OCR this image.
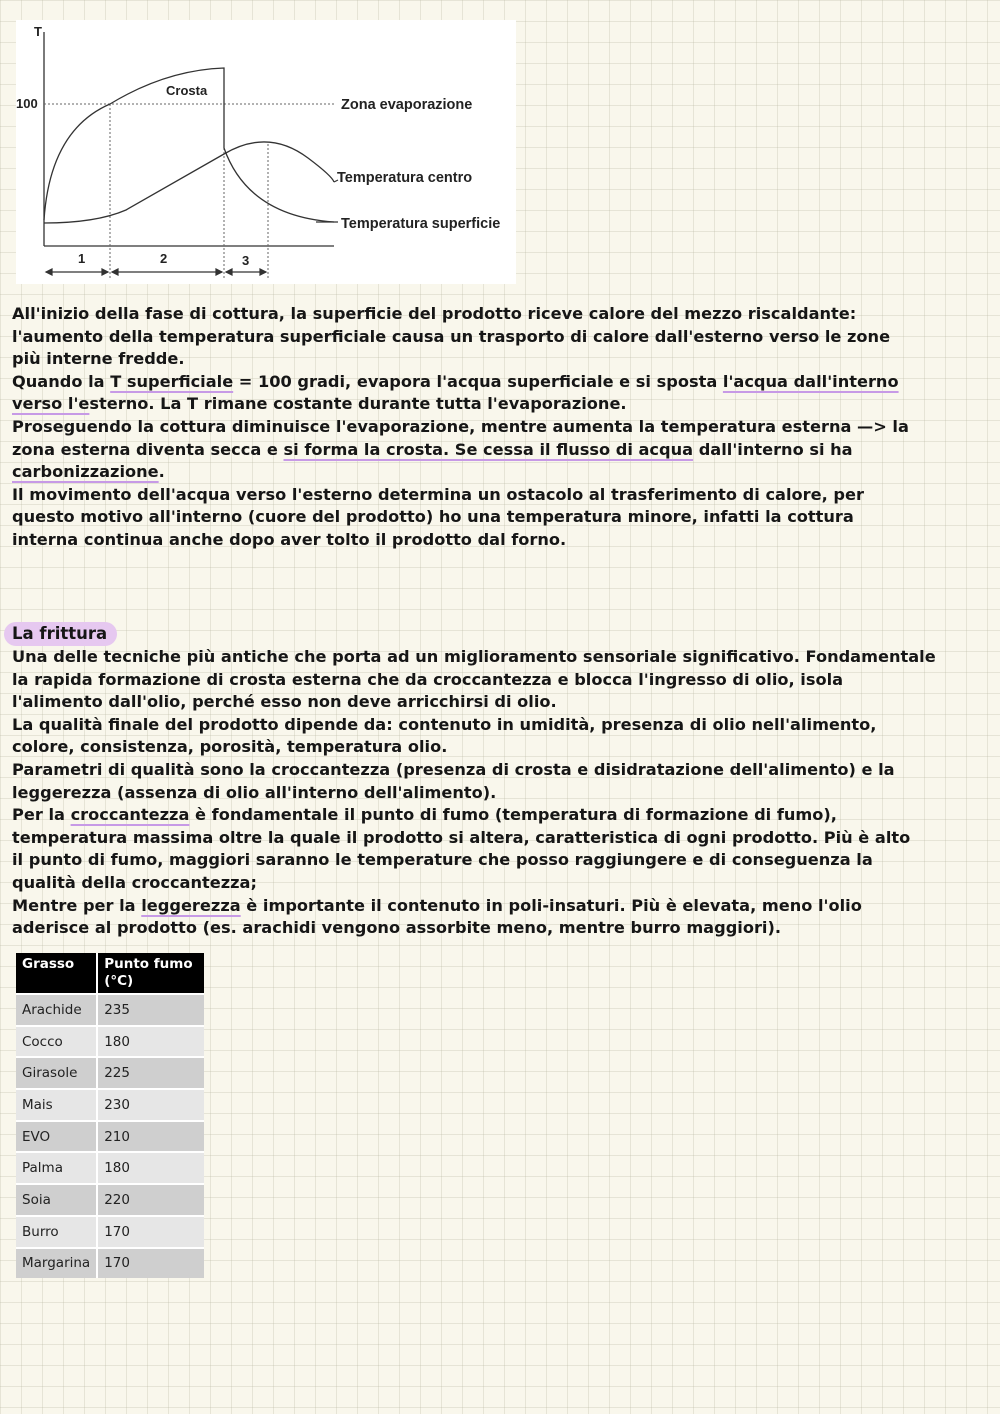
T
100
Crosta
Zona evaporazione
Temperatura centro
Temperatura superficie
1	2	3

All'inizio della fase di cottura, la superficie del prodotto riceve calore del mezzo riscaldante:

l'aumento della temperatura superficiale causa un trasporto di calore dall'esterno verso le zone

più interne fredde.

Quando la T superficiale = 100 gradi, evapora l'acqua superficiale e si sposta l'acqua dall'interno

verso l'esterno. La T rimane costante durante tutta l'evaporazione.

Proseguendo la cottura diminuisce l'evaporazione, mentre aumenta la temperatura esterna —> la

zona esterna diventa secca e si forma la crosta. Se cessa il flusso di acqua dall'interno si ha

carbonizzazione.

Il movimento dell'acqua verso l'esterno determina un ostacolo al trasferimento di calore, per

questo motivo all'interno (cuore del prodotto) ho una temperatura minore, infatti la cottura

interna continua anche dopo aver tolto il prodotto dal forno.

La frittura

Una delle tecniche più antiche che porta ad un miglioramento sensoriale significativo. Fondamentale

la rapida formazione di crosta esterna che da croccantezza e blocca l'ingresso di olio, isola

l'alimento dall'olio, perché esso non deve arricchirsi di olio.

La qualità finale del prodotto dipende da: contenuto in umidità, presenza di olio nell'alimento,

colore, consistenza, porosità, temperatura olio.

Parametri di qualità sono la croccantezza (presenza di crosta e disidratazione dell'alimento) e la

leggerezza (assenza di olio all'interno dell'alimento).

Per la croccantezza è fondamentale il punto di fumo (temperatura di formazione di fumo),

temperatura massima oltre la quale il prodotto si altera, caratteristica di ogni prodotto. Più è alto

il punto di fumo, maggiori saranno le temperature che posso raggiungere e di conseguenza la

qualità della croccantezza;

Mentre per la leggerezza è importante il contenuto in poli-insaturi. Più è elevata, meno l'olio

aderisce al prodotto (es. arachidi vengono assorbite meno, mentre burro maggiori).

Grasso	Punto fumo (°C)
Arachide	235
Cocco	180
Girasole	225
Mais	230
EVO	210
Palma	180
Soia	220
Burro	170
Margarina	170
